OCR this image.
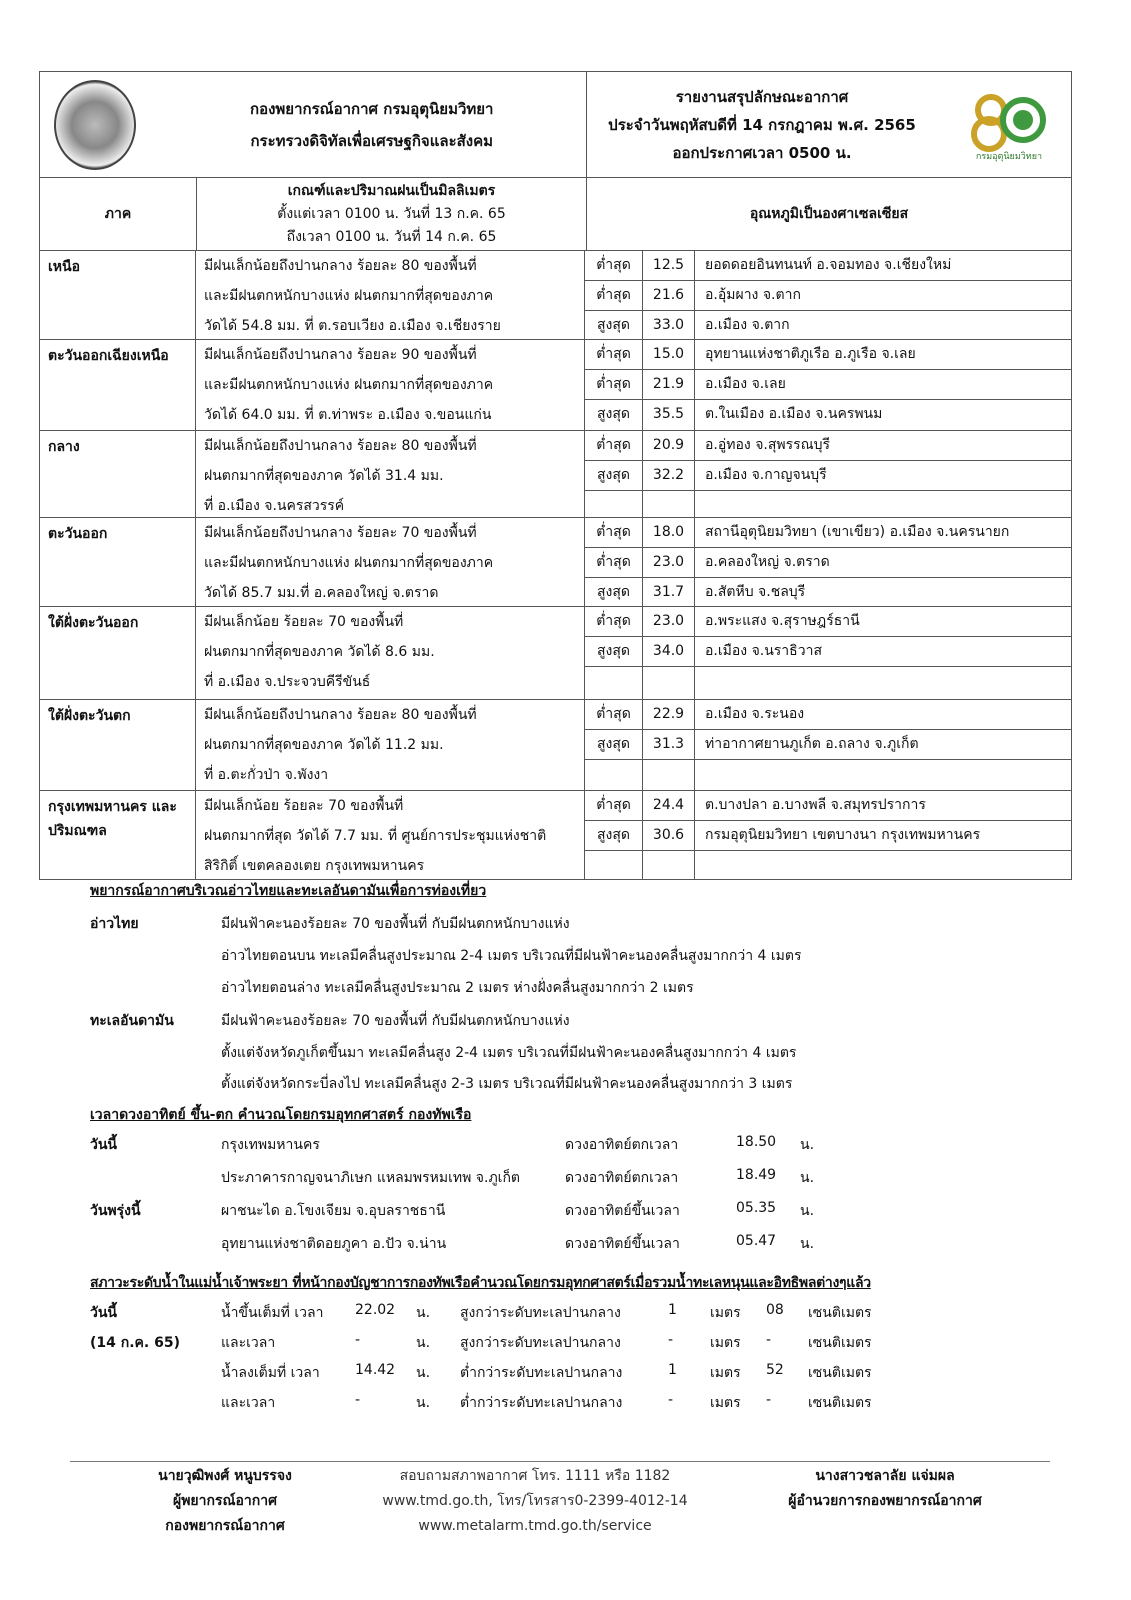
กองพยากรณ์อากาศ กรมอุตุนิยมวิทยา
กระทรวงดิจิทัลเพื่อเศรษฐกิจและสังคม
รายงานสรุปลักษณะอากาศ
ประจำวันพฤหัสบดีที่ 14 กรกฎาคม พ.ศ. 2565
ออกประกาศเวลา 0500 น.	กรมอุตุนิยมวิทยา
ภาค
เกณฑ์และปริมาณฝนเป็นมิลลิเมตร
ตั้งแต่เวลา 0100 น. วันที่ 13 ก.ค. 65
ถึงเวลา 0100 น. วันที่ 14 ก.ค. 65
อุณหภูมิเป็นองศาเซลเซียส
เหนือ	มีฝนเล็กน้อยถึงปานกลาง ร้อยละ 80 ของพื้นที่
และมีฝนตกหนักบางแห่ง ฝนตกมากที่สุดของภาค
วัดได้ 54.8 มม. ที่ ต.รอบเวียง อ.เมือง จ.เชียงราย
ต่ำสุด	12.5	ยอดดอยอินทนนท์ อ.จอมทอง จ.เชียงใหม่
ต่ำสุด	21.6	อ.อุ้มผาง จ.ตาก
สูงสุด	33.0	อ.เมือง จ.ตาก
ตะวันออกเฉียงเหนือ	มีฝนเล็กน้อยถึงปานกลาง ร้อยละ 90 ของพื้นที่
และมีฝนตกหนักบางแห่ง ฝนตกมากที่สุดของภาค
วัดได้ 64.0 มม. ที่ ต.ท่าพระ อ.เมือง จ.ขอนแก่น
ต่ำสุด	15.0	อุทยานแห่งชาติภูเรือ อ.ภูเรือ จ.เลย
ต่ำสุด	21.9	อ.เมือง จ.เลย
สูงสุด	35.5	ต.ในเมือง อ.เมือง จ.นครพนม
กลาง	มีฝนเล็กน้อยถึงปานกลาง ร้อยละ 80 ของพื้นที่
ฝนตกมากที่สุดของภาค วัดได้ 31.4 มม.
ที่ อ.เมือง จ.นครสวรรค์
ต่ำสุด	20.9	อ.อู่ทอง จ.สุพรรณบุรี
สูงสุด	32.2	อ.เมือง จ.กาญจนบุรี
ตะวันออก	มีฝนเล็กน้อยถึงปานกลาง ร้อยละ 70 ของพื้นที่
และมีฝนตกหนักบางแห่ง ฝนตกมากที่สุดของภาค
วัดได้ 85.7 มม.ที่ อ.คลองใหญ่ จ.ตราด
ต่ำสุด	18.0	สถานีอุตุนิยมวิทยา (เขาเขียว) อ.เมือง จ.นครนายก
ต่ำสุด	23.0	อ.คลองใหญ่ จ.ตราด
สูงสุด	31.7	อ.สัตหีบ จ.ชลบุรี
ใต้ฝั่งตะวันออก	มีฝนเล็กน้อย ร้อยละ 70 ของพื้นที่
ฝนตกมากที่สุดของภาค วัดได้ 8.6 มม.
ที่ อ.เมือง จ.ประจวบคีรีขันธ์
ต่ำสุด	23.0	อ.พระแสง จ.สุราษฎร์ธานี
สูงสุด	34.0	อ.เมือง จ.นราธิวาส
ใต้ฝั่งตะวันตก	มีฝนเล็กน้อยถึงปานกลาง ร้อยละ 80 ของพื้นที่
ฝนตกมากที่สุดของภาค วัดได้ 11.2 มม.
ที่ อ.ตะกั่วป่า จ.พังงา
ต่ำสุด	22.9	อ.เมือง จ.ระนอง
สูงสุด	31.3	ท่าอากาศยานภูเก็ต อ.ถลาง จ.ภูเก็ต
กรุงเทพมหานคร และปริมณฑล
มีฝนเล็กน้อย ร้อยละ 70 ของพื้นที่
ฝนตกมากที่สุด วัดได้ 7.7 มม. ที่ ศูนย์การประชุมแห่งชาติ
สิริกิติ์ เขตคลองเตย กรุงเทพมหานคร
ต่ำสุด	24.4	ต.บางปลา อ.บางพลี จ.สมุทรปราการ
สูงสุด	30.6	กรมอุตุนิยมวิทยา เขตบางนา กรุงเทพมหานคร
พยากรณ์อากาศบริเวณอ่าวไทยและทะเลอันดามันเพื่อการท่องเที่ยว
อ่าวไทย	มีฝนฟ้าคะนองร้อยละ 70 ของพื้นที่ กับมีฝนตกหนักบางแห่ง
อ่าวไทยตอนบน ทะเลมีคลื่นสูงประมาณ 2-4 เมตร บริเวณที่มีฝนฟ้าคะนองคลื่นสูงมากกว่า 4 เมตร
อ่าวไทยตอนล่าง ทะเลมีคลื่นสูงประมาณ 2 เมตร ห่างฝั่งคลื่นสูงมากกว่า 2 เมตร
ทะเลอันดามัน	มีฝนฟ้าคะนองร้อยละ 70 ของพื้นที่ กับมีฝนตกหนักบางแห่ง
ตั้งแต่จังหวัดภูเก็ตขึ้นมา ทะเลมีคลื่นสูง 2-4 เมตร บริเวณที่มีฝนฟ้าคะนองคลื่นสูงมากกว่า 4 เมตร
ตั้งแต่จังหวัดกระบี่ลงไป ทะเลมีคลื่นสูง 2-3 เมตร บริเวณที่มีฝนฟ้าคะนองคลื่นสูงมากกว่า 3 เมตร
เวลาดวงอาทิตย์ ขึ้น-ตก คำนวณโดยกรมอุทกศาสตร์ กองทัพเรือ
วันนี้	กรุงเทพมหานคร	ดวงอาทิตย์ตกเวลา	18.50 น.
ประภาคารกาญจนาภิเษก แหลมพรหมเทพ จ.ภูเก็ต	ดวงอาทิตย์ตกเวลา	18.49 น.
วันพรุ่งนี้	ผาชนะได อ.โขงเจียม จ.อุบลราชธานี	ดวงอาทิตย์ขึ้นเวลา	05.35 น.
อุทยานแห่งชาติดอยภูคา อ.ปัว จ.น่าน	ดวงอาทิตย์ขึ้นเวลา	05.47 น.
สภาวะระดับน้ำในแม่น้ำเจ้าพระยา ที่หน้ากองบัญชาการกองทัพเรือคำนวณโดยกรมอุทกศาสตร์เมื่อรวมน้ำทะเลหนุนและอิทธิพลต่างๆแล้ว
วันนี้
(14 ก.ค. 65)
น้ำขึ้นเต็มที่ เวลา 22.02 น. สูงกว่าระดับทะเลปานกลาง	1 เมตร 08 เซนติเมตร
และเวลา	-	น. สูงกว่าระดับทะเลปานกลาง	-	เมตร -	เซนติเมตร
น้ำลงเต็มที่ เวลา	14.42 น. ต่ำกว่าระดับทะเลปานกลาง	1 เมตร 52 เซนติเมตร
และเวลา	-	น. ต่ำกว่าระดับทะเลปานกลาง	-	เมตร -	เซนติเมตร
นายวุฒิพงศ์ หนูบรรจง
ผู้พยากรณ์อากาศ
กองพยากรณ์อากาศ
สอบถามสภาพอากาศ โทร. 1111 หรือ 1182
www.tmd.go.th, โทร/โทรสาร0-2399-4012-14
www.metalarm.tmd.go.th/service
นางสาวชลาลัย แจ่มผล
ผู้อำนวยการกองพยากรณ์อากาศ
